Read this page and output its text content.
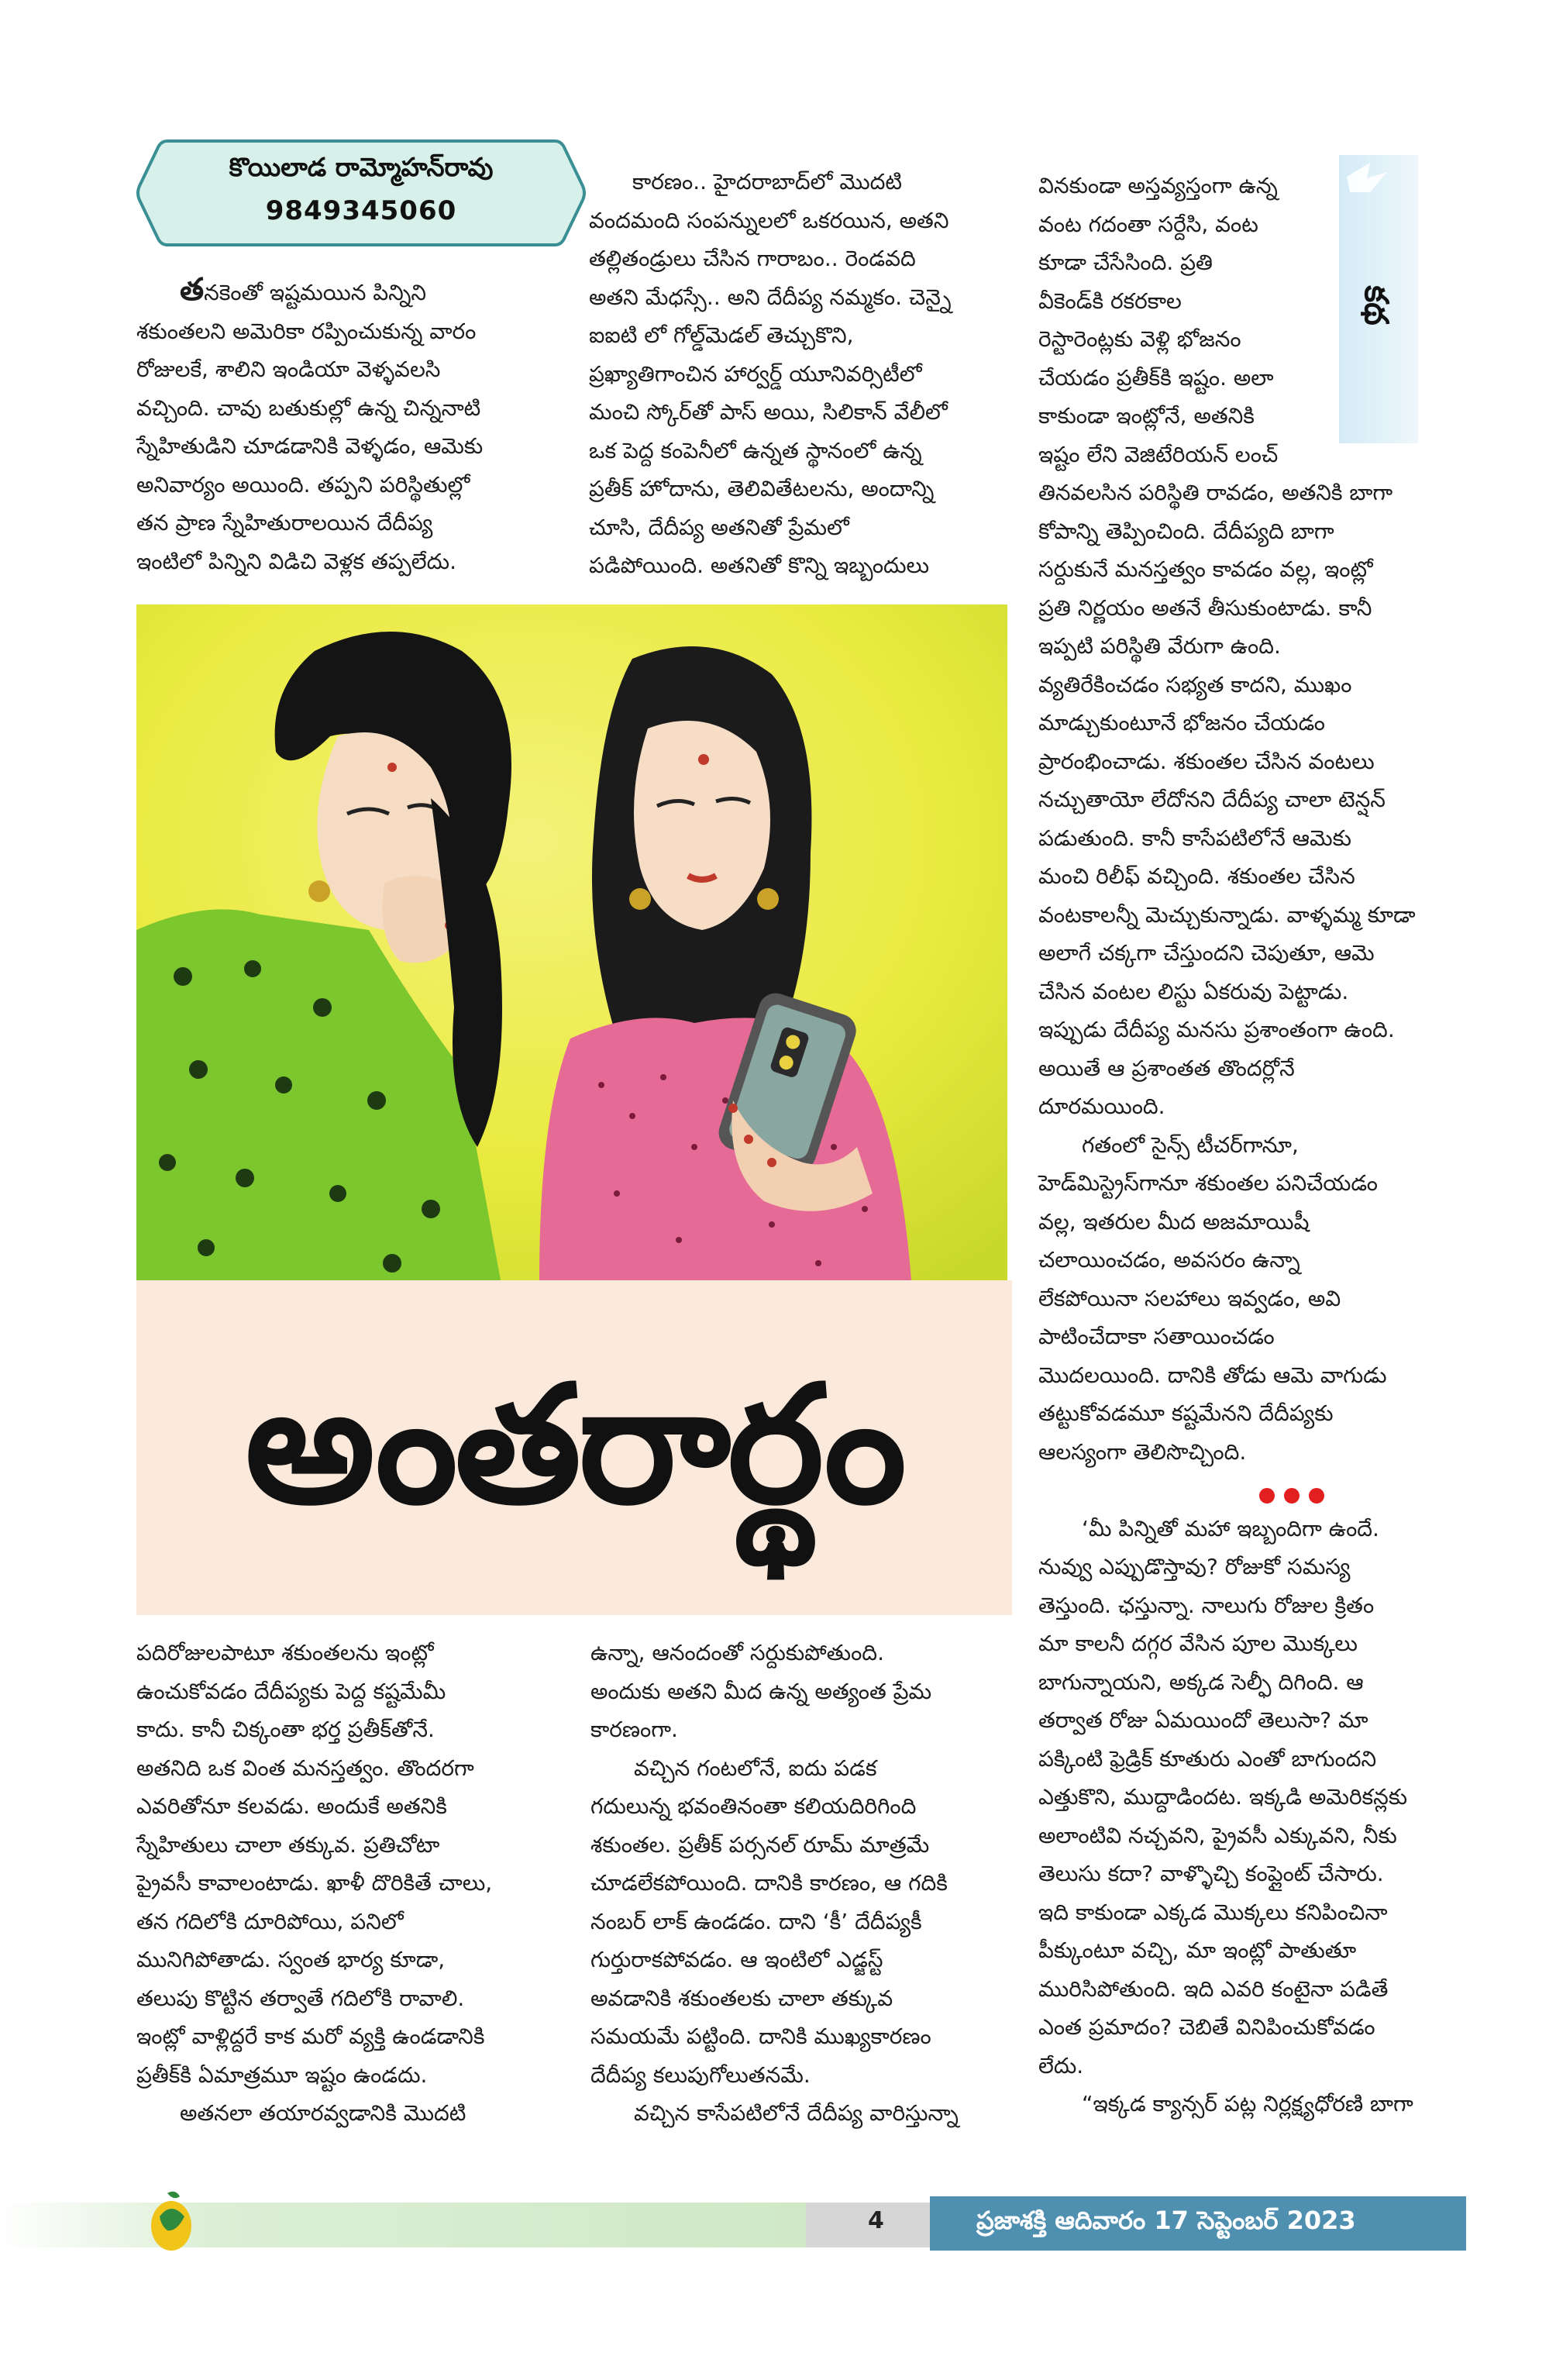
కొయిలాడ రామ్మోహన్‌రావు
9849345060
కథ

తనకెంతో ఇష్టమయిన పిన్నిని

శకుంతలని అమెరికా రప్పించుకున్న వారం

రోజులకే, శాలిని ఇండియా వెళ్ళవలసి

వచ్చింది. చావు బతుకుల్లో ఉన్న చిన్ననాటి

స్నేహితుడిని చూడడానికి వెళ్ళడం, ఆమెకు

అనివార్యం అయింది. తప్పని పరిస్థితుల్లో

తన ప్రాణ స్నేహితురాలయిన దేదీప్య

ఇంటిలో పిన్నిని విడిచి వెళ్లక తప్పలేదు.

కారణం.. హైదరాబాద్‌లో మొదటి

వందమంది సంపన్నులలో ఒకరయిన, అతని

తల్లితండ్రులు చేసిన గారాబం.. రెండవది

అతని మేధస్సే.. అని దేదీప్య నమ్మకం. చెన్నై

ఐఐటి లో గోల్డ్‌మెడల్ తెచ్చుకొని,

ప్రఖ్యాతిగాంచిన హార్వర్డ్ యూనివర్సిటీలో

మంచి స్కోర్‌తో పాస్ అయి, సిలికాన్ వేలీలో

ఒక పెద్ద కంపెనీలో ఉన్నత స్థానంలో ఉన్న

ప్రతీక్ హోదాను, తెలివితేటలను, అందాన్ని

చూసి, దేదీప్య అతనితో ప్రేమలో

పడిపోయింది. అతనితో కొన్ని ఇబ్బందులు

వినకుండా అస్తవ్యస్తంగా ఉన్న

వంట గదంతా సర్దేసి, వంట

కూడా చేసేసింది. ప్రతి

వీకెండ్‌కి రకరకాల

రెస్టారెంట్లకు వెళ్లి భోజనం

చేయడం ప్రతీక్‌కి ఇష్టం. అలా

కాకుండా ఇంట్లోనే, అతనికి

ఇష్టం లేని వెజిటేరియన్ లంచ్

తినవలసిన పరిస్థితి రావడం, అతనికి బాగా

కోపాన్ని తెప్పించింది. దేదీప్యది బాగా

సర్దుకునే మనస్తత్వం కావడం వల్ల, ఇంట్లో

ప్రతి నిర్ణయం అతనే తీసుకుంటాడు. కానీ

ఇప్పటి పరిస్థితి వేరుగా ఉంది.

వ్యతిరేకించడం సభ్యత కాదని, ముఖం

మాడ్చుకుంటూనే భోజనం చేయడం

ప్రారంభించాడు. శకుంతల చేసిన వంటలు

నచ్చుతాయో లేదోనని దేదీప్య చాలా టెన్షన్

పడుతుంది. కానీ కాసేపటిలోనే ఆమెకు

మంచి రిలీఫ్ వచ్చింది. శకుంతల చేసిన

వంటకాలన్నీ మెచ్చుకున్నాడు. వాళ్ళమ్మ కూడా

అలాగే చక్కగా చేస్తుందని చెపుతూ, ఆమె

చేసిన వంటల లిస్టు ఏకరువు పెట్టాడు.

ఇప్పుడు దేదీప్య మనసు ప్రశాంతంగా ఉంది.

అయితే ఆ ప్రశాంతత తొందర్లోనే

దూరమయింది.

గతంలో సైన్స్ టీచర్‌గానూ,

హెడ్‌మిస్ట్రెస్‌గానూ శకుంతల పనిచేయడం

వల్ల, ఇతరుల మీద అజమాయిషీ

చలాయించడం, అవసరం ఉన్నా

లేకపోయినా సలహాలు ఇవ్వడం, అవి

పాటించేదాకా సతాయించడం

మొదలయింది. దానికి తోడు ఆమె వాగుడు

తట్టుకోవడమూ కష్టమేనని దేదీప్యకు

ఆలస్యంగా తెలిసొచ్చింది.

‘మీ పిన్నితో మహా ఇబ్బందిగా ఉందే.

నువ్వు ఎప్పుడొస్తావు? రోజుకో సమస్య

తెస్తుంది. ఛస్తున్నా. నాలుగు రోజుల క్రితం

మా కాలనీ దగ్గర వేసిన పూల మొక్కలు

బాగున్నాయని, అక్కడ సెల్ఫీ దిగింది. ఆ

తర్వాత రోజు ఏమయిందో తెలుసా? మా

పక్కింటి ఫ్రెడ్రిక్ కూతురు ఎంతో బాగుందని

ఎత్తుకొని, ముద్దాడిందట. ఇక్కడి అమెరికన్లకు

అలాంటివి నచ్చవని, ప్రైవసీ ఎక్కువని, నీకు

తెలుసు కదా? వాళ్ళొచ్చి కంప్లైంట్ చేసారు.

ఇది కాకుండా ఎక్కడ మొక్కలు కనిపించినా

పీక్కుంటూ వచ్చి, మా ఇంట్లో పాతుతూ

మురిసిపోతుంది. ఇది ఎవరి కంటైనా పడితే

ఎంత ప్రమాదం? చెబితే వినిపించుకోవడం

లేదు.

“ఇక్కడ క్యాన్సర్ పట్ల నిర్లక్ష్యధోరణి బాగా

అంతరార్థం

పదిరోజులపాటూ శకుంతలను ఇంట్లో

ఉంచుకోవడం దేదీప్యకు పెద్ద కష్టమేమీ

కాదు. కానీ చిక్కంతా భర్త ప్రతీక్‌తోనే.

అతనిది ఒక వింత మనస్తత్వం. తొందరగా

ఎవరితోనూ కలవడు. అందుకే అతనికి

స్నేహితులు చాలా తక్కువ. ప్రతిచోటా

ప్రైవసీ కావాలంటాడు. ఖాళీ దొరికితే చాలు,

తన గదిలోకి దూరిపోయి, పనిలో

మునిగిపోతాడు. స్వంత భార్య కూడా,

తలుపు కొట్టిన తర్వాతే గదిలోకి రావాలి.

ఇంట్లో వాళ్లిద్దరే కాక మరో వ్యక్తి ఉండడానికి

ప్రతీక్‌కి ఏమాత్రమూ ఇష్టం ఉండదు.

అతనలా తయారవ్వడానికి మొదటి

ఉన్నా, ఆనందంతో సర్దుకుపోతుంది.

అందుకు అతని మీద ఉన్న అత్యంత ప్రేమ

కారణంగా.

వచ్చిన గంటలోనే, ఐదు పడక

గదులున్న భవంతినంతా కలియదిరిగింది

శకుంతల. ప్రతీక్ పర్సనల్ రూమ్ మాత్రమే

చూడలేకపోయింది. దానికి కారణం, ఆ గదికి

నంబర్ లాక్ ఉండడం. దాని ‘కీ’ దేదీప్యకీ

గుర్తురాకపోవడం. ఆ ఇంటిలో ఎడ్జస్ట్

అవడానికి శకుంతలకు చాలా తక్కువ

సమయమే పట్టింది. దానికి ముఖ్యకారణం

దేదీప్య కలుపుగోలుతనమే.

వచ్చిన కాసేపటిలోనే దేదీప్య వారిస్తున్నా

4	ప్రజాశక్తి ఆదివారం 17 సెప్టెంబర్ 2023
